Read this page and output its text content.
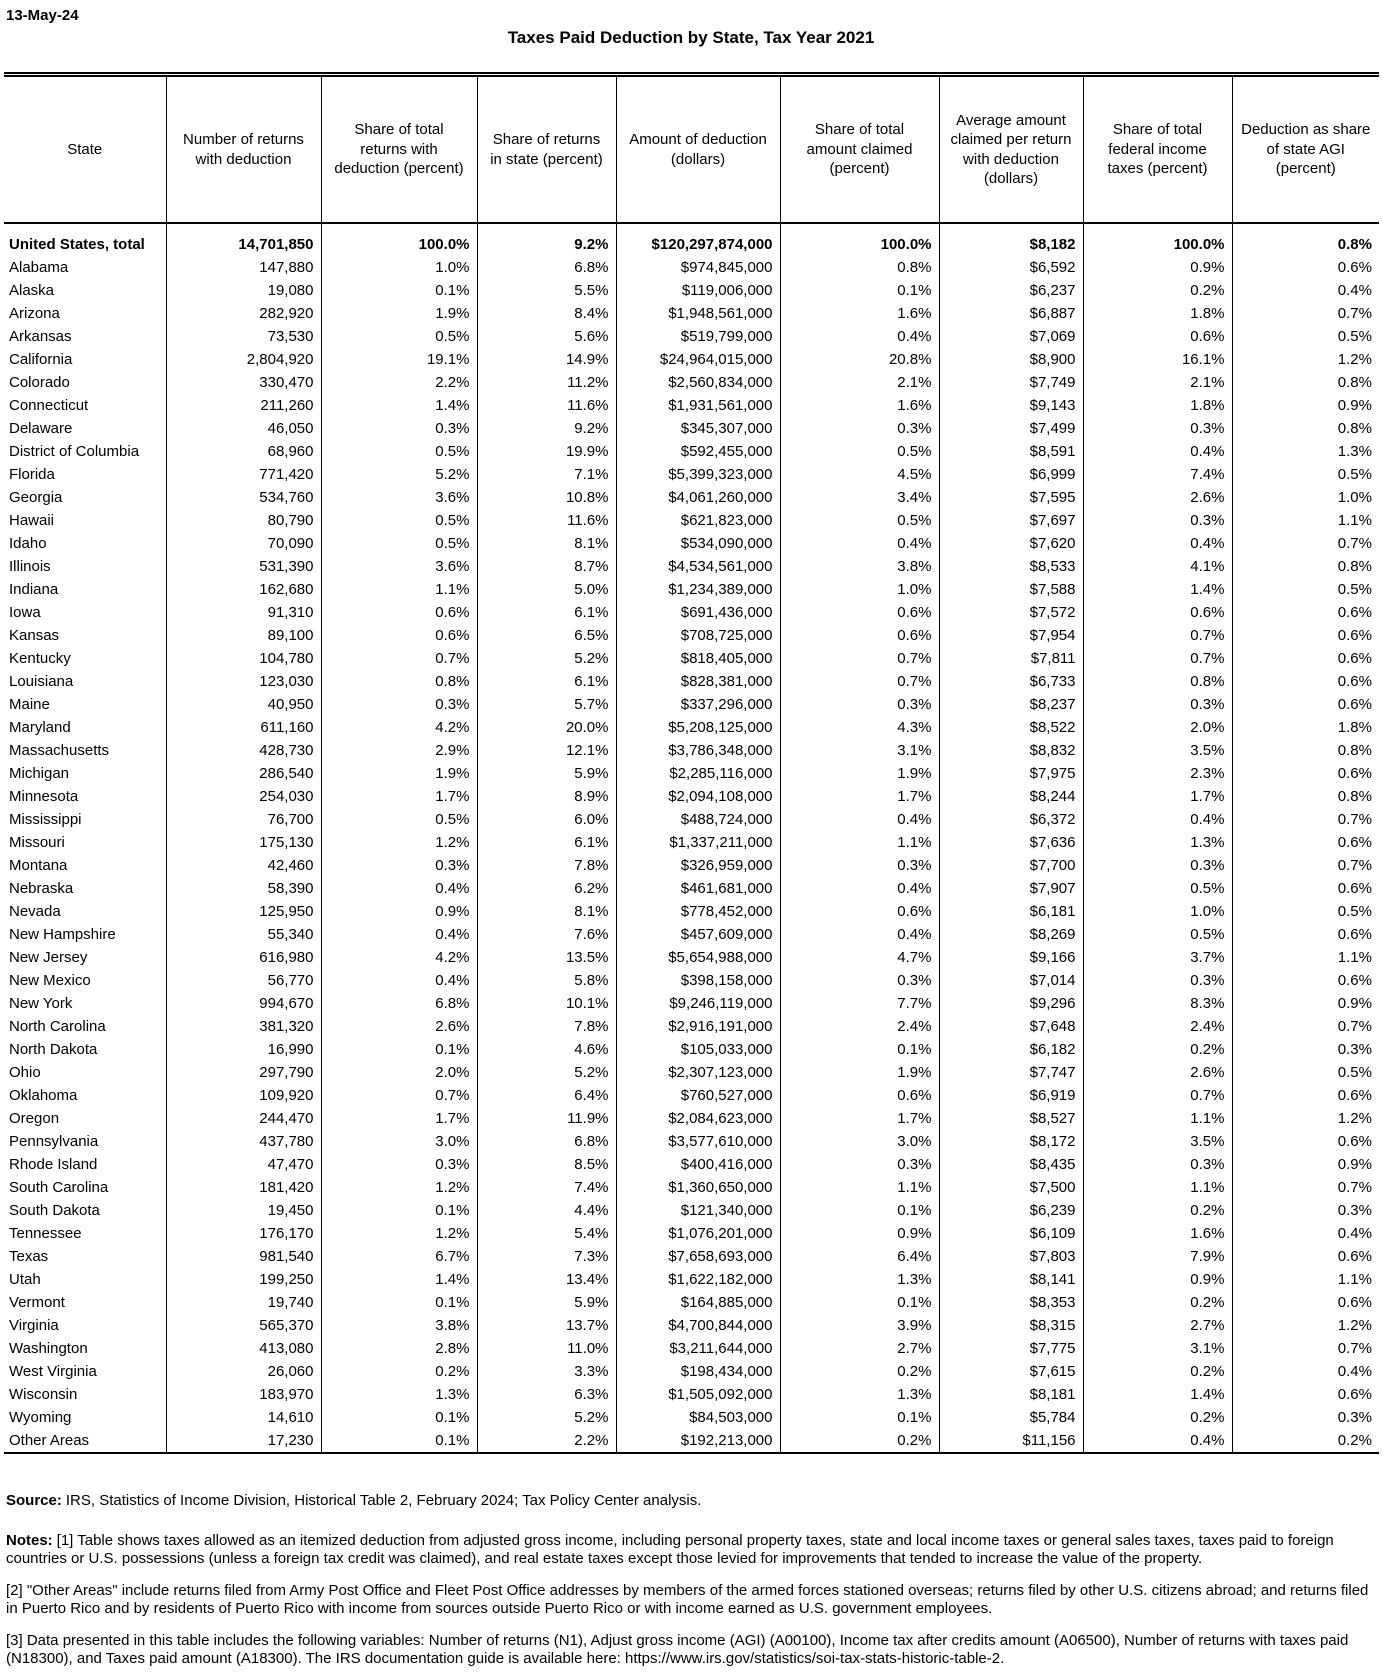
13-May-24
Taxes Paid Deduction by State, Tax Year 2021
State	Number of returns with deduction	Share of total returns with deduction (percent)	Share of returns in state (percent)	Amount of deduction (dollars)	Share of total amount claimed (percent)	Average amount claimed per return with deduction (dollars)	Share of total federal income taxes (percent)	Deduction as share of state AGI (percent)
United States, total	14,701,850	100.0%	9.2%	$120,297,874,000	100.0%	$8,182	100.0%	0.8%
Alabama	147,880	1.0%	6.8%	$974,845,000	0.8%	$6,592	0.9%	0.6%
Alaska	19,080	0.1%	5.5%	$119,006,000	0.1%	$6,237	0.2%	0.4%
Arizona	282,920	1.9%	8.4%	$1,948,561,000	1.6%	$6,887	1.8%	0.7%
Arkansas	73,530	0.5%	5.6%	$519,799,000	0.4%	$7,069	0.6%	0.5%
California	2,804,920	19.1%	14.9%	$24,964,015,000	20.8%	$8,900	16.1%	1.2%
Colorado	330,470	2.2%	11.2%	$2,560,834,000	2.1%	$7,749	2.1%	0.8%
Connecticut	211,260	1.4%	11.6%	$1,931,561,000	1.6%	$9,143	1.8%	0.9%
Delaware	46,050	0.3%	9.2%	$345,307,000	0.3%	$7,499	0.3%	0.8%
District of Columbia	68,960	0.5%	19.9%	$592,455,000	0.5%	$8,591	0.4%	1.3%
Florida	771,420	5.2%	7.1%	$5,399,323,000	4.5%	$6,999	7.4%	0.5%
Georgia	534,760	3.6%	10.8%	$4,061,260,000	3.4%	$7,595	2.6%	1.0%
Hawaii	80,790	0.5%	11.6%	$621,823,000	0.5%	$7,697	0.3%	1.1%
Idaho	70,090	0.5%	8.1%	$534,090,000	0.4%	$7,620	0.4%	0.7%
Illinois	531,390	3.6%	8.7%	$4,534,561,000	3.8%	$8,533	4.1%	0.8%
Indiana	162,680	1.1%	5.0%	$1,234,389,000	1.0%	$7,588	1.4%	0.5%
Iowa	91,310	0.6%	6.1%	$691,436,000	0.6%	$7,572	0.6%	0.6%
Kansas	89,100	0.6%	6.5%	$708,725,000	0.6%	$7,954	0.7%	0.6%
Kentucky	104,780	0.7%	5.2%	$818,405,000	0.7%	$7,811	0.7%	0.6%
Louisiana	123,030	0.8%	6.1%	$828,381,000	0.7%	$6,733	0.8%	0.6%
Maine	40,950	0.3%	5.7%	$337,296,000	0.3%	$8,237	0.3%	0.6%
Maryland	611,160	4.2%	20.0%	$5,208,125,000	4.3%	$8,522	2.0%	1.8%
Massachusetts	428,730	2.9%	12.1%	$3,786,348,000	3.1%	$8,832	3.5%	0.8%
Michigan	286,540	1.9%	5.9%	$2,285,116,000	1.9%	$7,975	2.3%	0.6%
Minnesota	254,030	1.7%	8.9%	$2,094,108,000	1.7%	$8,244	1.7%	0.8%
Mississippi	76,700	0.5%	6.0%	$488,724,000	0.4%	$6,372	0.4%	0.7%
Missouri	175,130	1.2%	6.1%	$1,337,211,000	1.1%	$7,636	1.3%	0.6%
Montana	42,460	0.3%	7.8%	$326,959,000	0.3%	$7,700	0.3%	0.7%
Nebraska	58,390	0.4%	6.2%	$461,681,000	0.4%	$7,907	0.5%	0.6%
Nevada	125,950	0.9%	8.1%	$778,452,000	0.6%	$6,181	1.0%	0.5%
New Hampshire	55,340	0.4%	7.6%	$457,609,000	0.4%	$8,269	0.5%	0.6%
New Jersey	616,980	4.2%	13.5%	$5,654,988,000	4.7%	$9,166	3.7%	1.1%
New Mexico	56,770	0.4%	5.8%	$398,158,000	0.3%	$7,014	0.3%	0.6%
New York	994,670	6.8%	10.1%	$9,246,119,000	7.7%	$9,296	8.3%	0.9%
North Carolina	381,320	2.6%	7.8%	$2,916,191,000	2.4%	$7,648	2.4%	0.7%
North Dakota	16,990	0.1%	4.6%	$105,033,000	0.1%	$6,182	0.2%	0.3%
Ohio	297,790	2.0%	5.2%	$2,307,123,000	1.9%	$7,747	2.6%	0.5%
Oklahoma	109,920	0.7%	6.4%	$760,527,000	0.6%	$6,919	0.7%	0.6%
Oregon	244,470	1.7%	11.9%	$2,084,623,000	1.7%	$8,527	1.1%	1.2%
Pennsylvania	437,780	3.0%	6.8%	$3,577,610,000	3.0%	$8,172	3.5%	0.6%
Rhode Island	47,470	0.3%	8.5%	$400,416,000	0.3%	$8,435	0.3%	0.9%
South Carolina	181,420	1.2%	7.4%	$1,360,650,000	1.1%	$7,500	1.1%	0.7%
South Dakota	19,450	0.1%	4.4%	$121,340,000	0.1%	$6,239	0.2%	0.3%
Tennessee	176,170	1.2%	5.4%	$1,076,201,000	0.9%	$6,109	1.6%	0.4%
Texas	981,540	6.7%	7.3%	$7,658,693,000	6.4%	$7,803	7.9%	0.6%
Utah	199,250	1.4%	13.4%	$1,622,182,000	1.3%	$8,141	0.9%	1.1%
Vermont	19,740	0.1%	5.9%	$164,885,000	0.1%	$8,353	0.2%	0.6%
Virginia	565,370	3.8%	13.7%	$4,700,844,000	3.9%	$8,315	2.7%	1.2%
Washington	413,080	2.8%	11.0%	$3,211,644,000	2.7%	$7,775	3.1%	0.7%
West Virginia	26,060	0.2%	3.3%	$198,434,000	0.2%	$7,615	0.2%	0.4%
Wisconsin	183,970	1.3%	6.3%	$1,505,092,000	1.3%	$8,181	1.4%	0.6%
Wyoming	14,610	0.1%	5.2%	$84,503,000	0.1%	$5,784	0.2%	0.3%
Other Areas	17,230	0.1%	2.2%	$192,213,000	0.2%	$11,156	0.4%	0.2%

Source: IRS, Statistics of Income Division, Historical Table 2, February 2024; Tax Policy Center analysis.

Notes: [1] Table shows taxes allowed as an itemized deduction from adjusted gross income, including personal property taxes, state and local income taxes or general sales taxes, taxes paid to foreign countries or U.S. possessions (unless a foreign tax credit was claimed), and real estate taxes except those levied for improvements that tended to increase the value of the property.

[2] "Other Areas" include returns filed from Army Post Office and Fleet Post Office addresses by members of the armed forces stationed overseas; returns filed by other U.S. citizens abroad; and returns filed in Puerto Rico and by residents of Puerto Rico with income from sources outside Puerto Rico or with income earned as U.S. government employees.

[3] Data presented in this table includes the following variables: Number of returns (N1), Adjust gross income (AGI) (A00100), Income tax after credits amount (A06500), Number of returns with taxes paid (N18300), and Taxes paid amount (A18300). The IRS documentation guide is available here: https://www.irs.gov/statistics/soi-tax-stats-historic-table-2.
